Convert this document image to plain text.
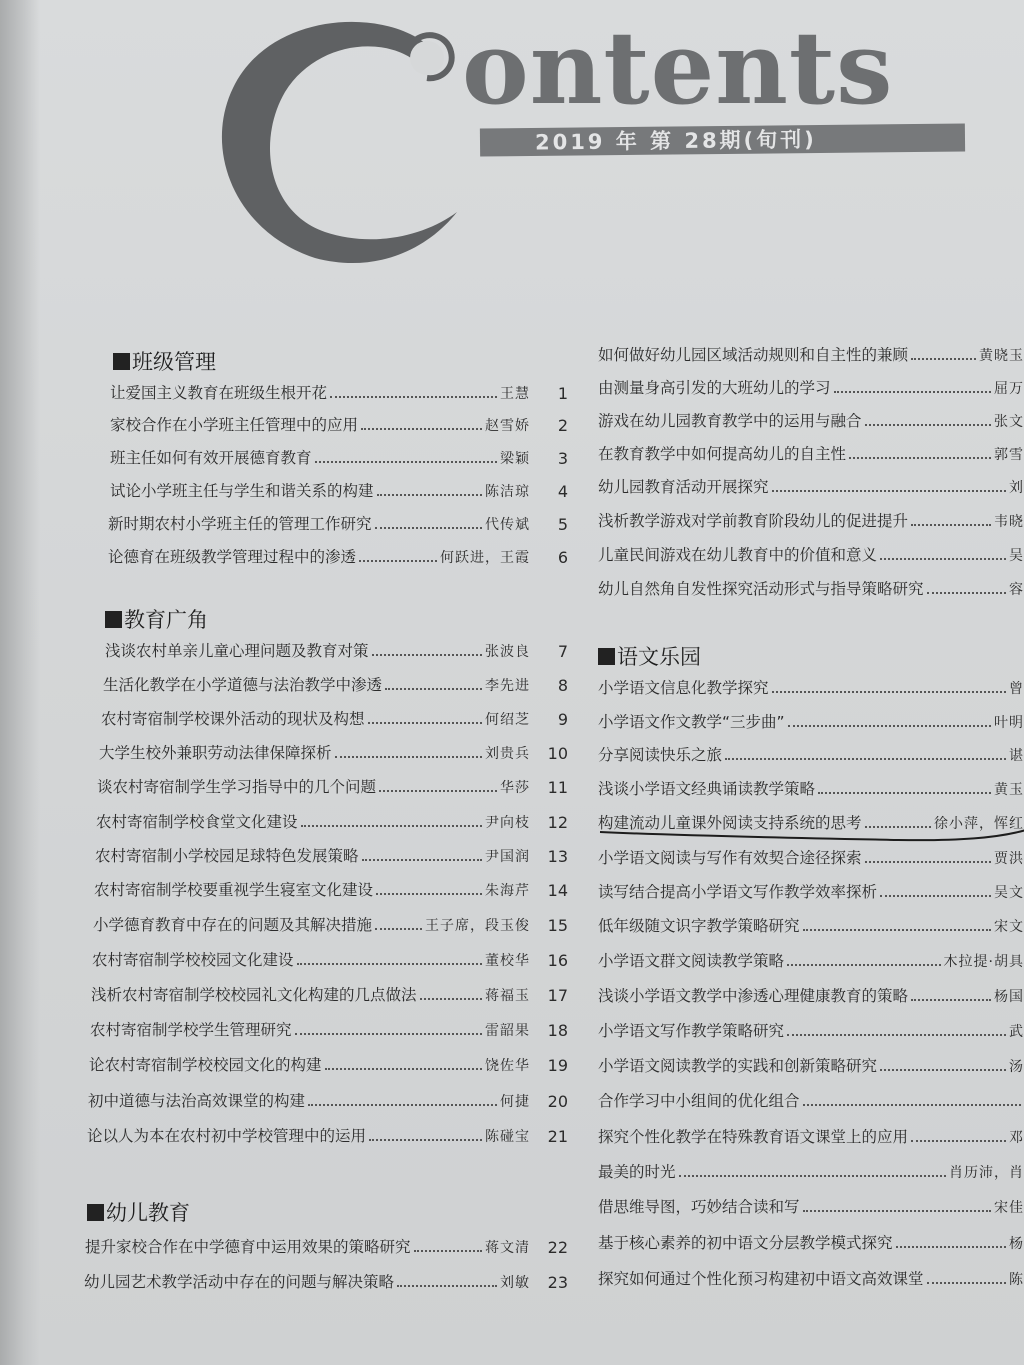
ontents
2019 年 第 28期(旬刊)
班级管理
让爱国主义教育在班级生根开花	王慧	1
家校合作在小学班主任管理中的应用	赵雪娇	2
班主任如何有效开展德育教育	梁颖	3
试论小学班主任与学生和谐关系的构建	陈洁琼	4
新时期农村小学班主任的管理工作研究	代传斌	5
论德育在班级教学管理过程中的渗透	何跃进，王霞	6
教育广角
浅谈农村单亲儿童心理问题及教育对策	张波良	7
生活化教学在小学道德与法治教学中渗透	李先进	8
农村寄宿制学校课外活动的现状及构想	何绍芝	9
大学生校外兼职劳动法律保障探析	刘贵兵	10
谈农村寄宿制学生学习指导中的几个问题	华莎	11
农村寄宿制学校食堂文化建设	尹向枝	12
农村寄宿制小学校园足球特色发展策略	尹国润	13
农村寄宿制学校要重视学生寝室文化建设	朱海芹	14
小学德育教育中存在的问题及其解决措施	王子席，段玉俊	15
农村寄宿制学校校园文化建设	董校华	16
浅析农村寄宿制学校校园礼文化构建的几点做法	蒋福玉	17
农村寄宿制学校学生管理研究	雷韶果	18
论农村寄宿制学校校园文化的构建	饶佐华	19
初中道德与法治高效课堂的构建	何捷	20
论以人为本在农村初中学校管理中的运用	陈碰宝	21
幼儿教育
提升家校合作在中学德育中运用效果的策略研究	蒋文清	22
幼儿园艺术教学活动中存在的问题与解决策略	刘敏	23
如何做好幼儿园区域活动规则和自主性的兼顾	黄晓玉
由测量身高引发的大班幼儿的学习	屈万
游戏在幼儿园教育教学中的运用与融合	张文
在教育教学中如何提高幼儿的自主性	郭雪
幼儿园教育活动开展探究	刘
浅析教学游戏对学前教育阶段幼儿的促进提升	韦晓
儿童民间游戏在幼儿教育中的价值和意义	吴
幼儿自然角自发性探究活动形式与指导策略研究	容
语文乐园
小学语文信息化教学探究	曾
小学语文作文教学“三步曲”	叶明
分享阅读快乐之旅	谌
浅谈小学语文经典诵读教学策略	黄玉
构建流动儿童课外阅读支持系统的思考	徐小萍，恽红
小学语文阅读与写作有效契合途径探索	贾洪
读写结合提高小学语文写作教学效率探析	吴文
低年级随文识字教学策略研究	宋文
小学语文群文阅读教学策略	木拉提·胡具
浅谈小学语文教学中渗透心理健康教育的策略	杨国
小学语文写作教学策略研究	武
小学语文阅读教学的实践和创新策略研究	汤
合作学习中小组间的优化组合
探究个性化教学在特殊教育语文课堂上的应用	邓
最美的时光	肖历沛，肖
借思维导图，巧妙结合读和写	宋佳
基于核心素养的初中语文分层教学模式探究	杨
探究如何通过个性化预习构建初中语文高效课堂	陈
